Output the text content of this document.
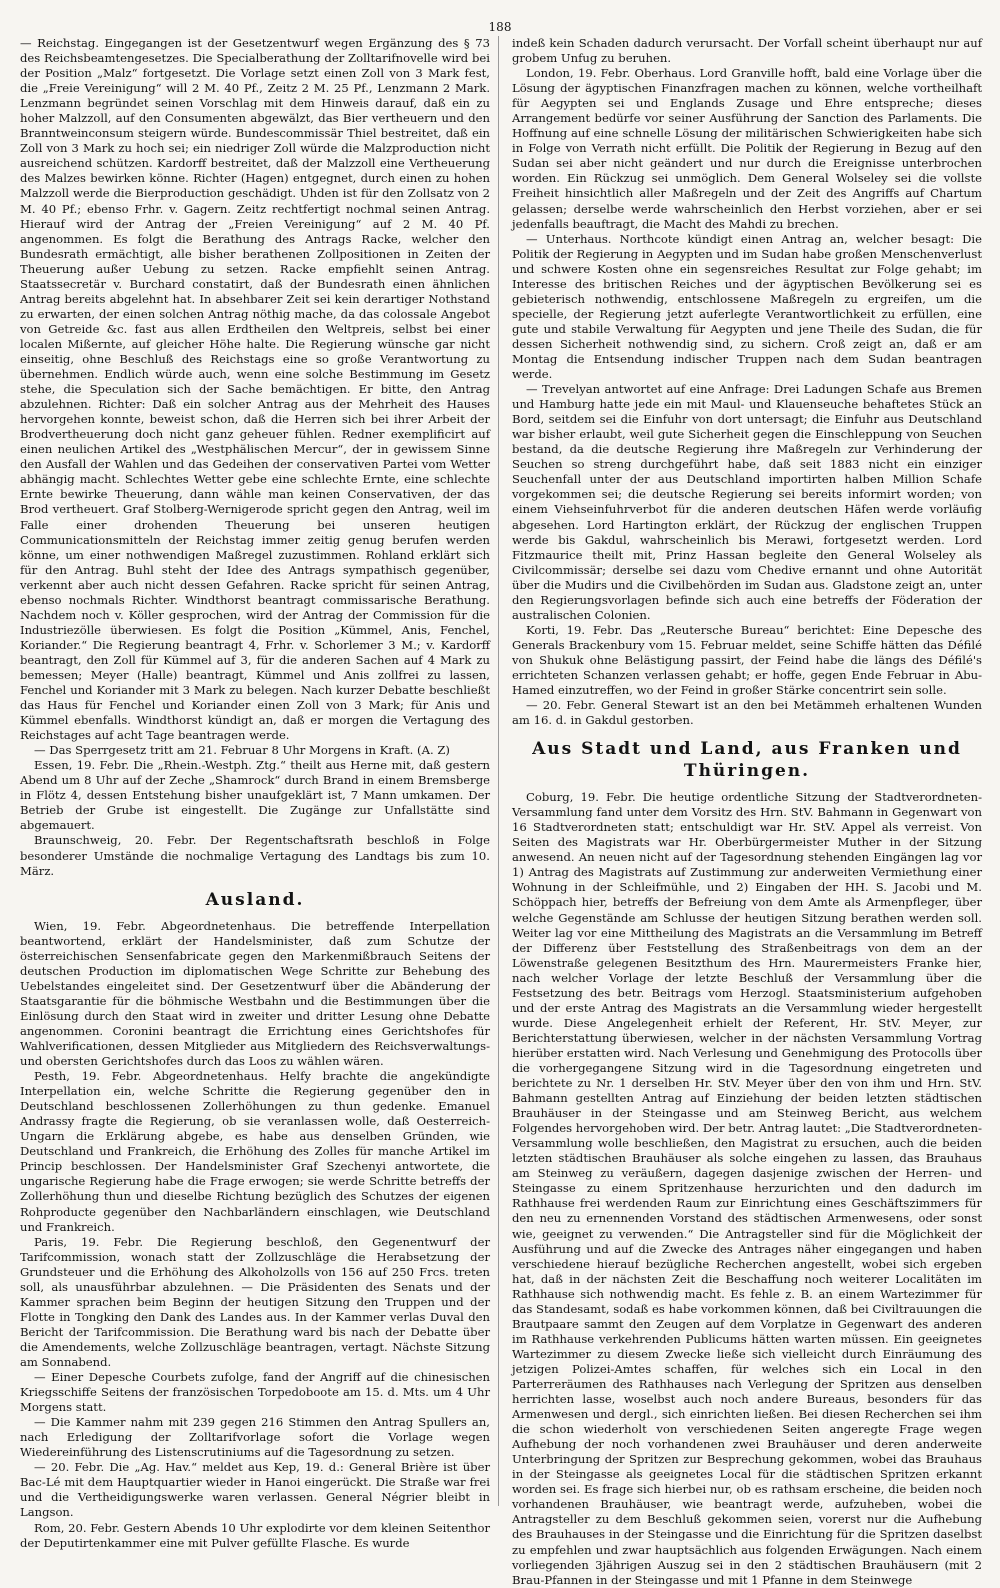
188

— Reichstag. Eingegangen ist der Gesetzentwurf wegen Ergänzung des § 73 des Reichsbeamtengesetzes. Die Specialberathung der Zolltarifnovelle wird bei der Position „Malz“ fortgesetzt. Die Vorlage setzt einen Zoll von 3 Mark fest, die „Freie Vereinigung“ will 2 M. 40 Pf., Zeitz 2 M. 25 Pf., Lenzmann 2 Mark. Lenzmann begründet seinen Vorschlag mit dem Hinweis darauf, daß ein zu hoher Malzzoll, auf den Consumenten abgewälzt, das Bier vertheuern und den Branntweinconsum steigern würde. Bundescommissär Thiel bestreitet, daß ein Zoll von 3 Mark zu hoch sei; ein niedriger Zoll würde die Malzproduction nicht ausreichend schützen. Kardorff bestreitet, daß der Malzzoll eine Vertheuerung des Malzes bewirken könne. Richter (Hagen) entgegnet, durch einen zu hohen Malzzoll werde die Bierproduction geschädigt. Uhden ist für den Zollsatz von 2 M. 40 Pf.; ebenso Frhr. v. Gagern. Zeitz rechtfertigt nochmal seinen Antrag. Hierauf wird der Antrag der „Freien Vereinigung“ auf 2 M. 40 Pf. angenommen. Es folgt die Berathung des Antrags Racke, welcher den Bundesrath ermächtigt, alle bisher berathenen Zollpositionen in Zeiten der Theuerung außer Uebung zu setzen. Racke empfiehlt seinen Antrag. Staatssecretär v. Burchard constatirt, daß der Bundesrath einen ähnlichen Antrag bereits abgelehnt hat. In absehbarer Zeit sei kein derartiger Nothstand zu erwarten, der einen solchen Antrag nöthig mache, da das colossale Angebot von Getreide &c. fast aus allen Erdtheilen den Weltpreis, selbst bei einer localen Mißernte, auf gleicher Höhe halte. Die Regierung wünsche gar nicht einseitig, ohne Beschluß des Reichstags eine so große Verantwortung zu übernehmen. Endlich würde auch, wenn eine solche Bestimmung im Gesetz stehe, die Speculation sich der Sache bemächtigen. Er bitte, den Antrag abzulehnen. Richter: Daß ein solcher Antrag aus der Mehrheit des Hauses hervorgehen konnte, beweist schon, daß die Herren sich bei ihrer Arbeit der Brodvertheuerung doch nicht ganz geheuer fühlen. Redner exemplificirt auf einen neulichen Artikel des „Westphälischen Mercur“, der in gewissem Sinne den Ausfall der Wahlen und das Gedeihen der conservativen Partei vom Wetter abhängig macht. Schlechtes Wetter gebe eine schlechte Ernte, eine schlechte Ernte bewirke Theuerung, dann wähle man keinen Conservativen, der das Brod vertheuert. Graf Stolberg-Wernigerode spricht gegen den Antrag, weil im Falle einer drohenden Theuerung bei unseren heutigen Communicationsmitteln der Reichstag immer zeitig genug berufen werden könne, um einer nothwendigen Maßregel zuzustimmen. Rohland erklärt sich für den Antrag. Buhl steht der Idee des Antrags sympathisch gegenüber, verkennt aber auch nicht dessen Gefahren. Racke spricht für seinen Antrag, ebenso nochmals Richter. Windthorst beantragt commissarische Berathung. Nachdem noch v. Köller gesprochen, wird der Antrag der Commission für die Industriezölle überwiesen. Es folgt die Position „Kümmel, Anis, Fenchel, Koriander.“ Die Regierung beantragt 4, Frhr. v. Schorlemer 3 M.; v. Kardorff beantragt, den Zoll für Kümmel auf 3, für die anderen Sachen auf 4 Mark zu bemessen; Meyer (Halle) beantragt, Kümmel und Anis zollfrei zu lassen, Fenchel und Koriander mit 3 Mark zu belegen. Nach kurzer Debatte beschließt das Haus für Fenchel und Koriander einen Zoll von 3 Mark; für Anis und Kümmel ebenfalls. Windthorst kündigt an, daß er morgen die Vertagung des Reichstages auf acht Tage beantragen werde.

— Das Sperrgesetz tritt am 21. Februar 8 Uhr Morgens in Kraft. (A. Z)

Essen, 19. Febr. Die „Rhein.-Westph. Ztg.“ theilt aus Herne mit, daß gestern Abend um 8 Uhr auf der Zeche „Shamrock“ durch Brand in einem Bremsberge in Flötz 4, dessen Entstehung bisher unaufgeklärt ist, 7 Mann umkamen. Der Betrieb der Grube ist eingestellt. Die Zugänge zur Unfallstätte sind abgemauert.

Braunschweig, 20. Febr. Der Regentschaftsrath beschloß in Folge besonderer Umstände die nochmalige Vertagung des Landtags bis zum 10. März.

Ausland.

Wien, 19. Febr. Abgeordnetenhaus. Die betreffende Interpellation beantwortend, erklärt der Handelsminister, daß zum Schutze der österreichischen Sensenfabricate gegen den Markenmißbrauch Seitens der deutschen Production im diplomatischen Wege Schritte zur Behebung des Uebelstandes eingeleitet sind. Der Gesetzentwurf über die Abänderung der Staatsgarantie für die böhmische Westbahn und die Bestimmungen über die Einlösung durch den Staat wird in zweiter und dritter Lesung ohne Debatte angenommen. Coronini beantragt die Errichtung eines Gerichtshofes für Wahlverificationen, dessen Mitglieder aus Mitgliedern des Reichsverwaltungs- und obersten Gerichtshofes durch das Loos zu wählen wären.

Pesth, 19. Febr. Abgeordnetenhaus. Helfy brachte die angekündigte Interpellation ein, welche Schritte die Regierung gegenüber den in Deutschland beschlossenen Zollerhöhungen zu thun gedenke. Emanuel Andrassy fragte die Regierung, ob sie veranlassen wolle, daß Oesterreich-Ungarn die Erklärung abgebe, es habe aus denselben Gründen, wie Deutschland und Frankreich, die Erhöhung des Zolles für manche Artikel im Princip beschlossen. Der Handelsminister Graf Szechenyi antwortete, die ungarische Regierung habe die Frage erwogen; sie werde Schritte betreffs der Zollerhöhung thun und dieselbe Richtung bezüglich des Schutzes der eigenen Rohproducte gegenüber den Nachbarländern einschlagen, wie Deutschland und Frankreich.

Paris, 19. Febr. Die Regierung beschloß, den Gegenentwurf der Tarifcommission, wonach statt der Zollzuschläge die Herabsetzung der Grundsteuer und die Erhöhung des Alkoholzolls von 156 auf 250 Frcs. treten soll, als unausführbar abzulehnen. — Die Präsidenten des Senats und der Kammer sprachen beim Beginn der heutigen Sitzung den Truppen und der Flotte in Tongking den Dank des Landes aus. In der Kammer verlas Duval den Bericht der Tarifcommission. Die Berathung ward bis nach der Debatte über die Amendements, welche Zollzuschläge beantragen, vertagt. Nächste Sitzung am Sonnabend.

— Einer Depesche Courbets zufolge, fand der Angriff auf die chinesischen Kriegsschiffe Seitens der französischen Torpedoboote am 15. d. Mts. um 4 Uhr Morgens statt.

— Die Kammer nahm mit 239 gegen 216 Stimmen den Antrag Spullers an, nach Erledigung der Zolltarifvorlage sofort die Vorlage wegen Wiedereinführung des Listenscrutiniums auf die Tagesordnung zu setzen.

— 20. Febr. Die „Ag. Hav.“ meldet aus Kep, 19. d.: General Brière ist über Bac-Lé mit dem Hauptquartier wieder in Hanoi eingerückt. Die Straße war frei und die Vertheidigungswerke waren verlassen. General Négrier bleibt in Langson.

Rom, 20. Febr. Gestern Abends 10 Uhr explodirte vor dem kleinen Seitenthor der Deputirtenkammer eine mit Pulver gefüllte Flasche. Es wurde

indeß kein Schaden dadurch verursacht. Der Vorfall scheint überhaupt nur auf grobem Unfug zu beruhen.

London, 19. Febr. Oberhaus. Lord Granville hofft, bald eine Vorlage über die Lösung der ägyptischen Finanzfragen machen zu können, welche vortheilhaft für Aegypten sei und Englands Zusage und Ehre entspreche; dieses Arrangement bedürfe vor seiner Ausführung der Sanction des Parlaments. Die Hoffnung auf eine schnelle Lösung der militärischen Schwierigkeiten habe sich in Folge von Verrath nicht erfüllt. Die Politik der Regierung in Bezug auf den Sudan sei aber nicht geändert und nur durch die Ereignisse unterbrochen worden. Ein Rückzug sei unmöglich. Dem General Wolseley sei die vollste Freiheit hinsichtlich aller Maßregeln und der Zeit des Angriffs auf Chartum gelassen; derselbe werde wahrscheinlich den Herbst vorziehen, aber er sei jedenfalls beauftragt, die Macht des Mahdi zu brechen.

— Unterhaus. Northcote kündigt einen Antrag an, welcher besagt: Die Politik der Regierung in Aegypten und im Sudan habe großen Menschenverlust und schwere Kosten ohne ein segensreiches Resultat zur Folge gehabt; im Interesse des britischen Reiches und der ägyptischen Bevölkerung sei es gebieterisch nothwendig, entschlossene Maßregeln zu ergreifen, um die specielle, der Regierung jetzt auferlegte Verantwortlichkeit zu erfüllen, eine gute und stabile Verwaltung für Aegypten und jene Theile des Sudan, die für dessen Sicherheit nothwendig sind, zu sichern. Croß zeigt an, daß er am Montag die Entsendung indischer Truppen nach dem Sudan beantragen werde.

— Trevelyan antwortet auf eine Anfrage: Drei Ladungen Schafe aus Bremen und Hamburg hatte jede ein mit Maul- und Klauenseuche behaftetes Stück an Bord, seitdem sei die Einfuhr von dort untersagt; die Einfuhr aus Deutschland war bisher erlaubt, weil gute Sicherheit gegen die Einschleppung von Seuchen bestand, da die deutsche Regierung ihre Maßregeln zur Verhinderung der Seuchen so streng durchgeführt habe, daß seit 1883 nicht ein einziger Seuchenfall unter der aus Deutschland importirten halben Million Schafe vorgekommen sei; die deutsche Regierung sei bereits informirt worden; von einem Viehseinfuhrverbot für die anderen deutschen Häfen werde vorläufig abgesehen. Lord Hartington erklärt, der Rückzug der englischen Truppen werde bis Gakdul, wahrscheinlich bis Merawi, fortgesetzt werden. Lord Fitzmaurice theilt mit, Prinz Hassan begleite den General Wolseley als Civilcommissär; derselbe sei dazu vom Chedive ernannt und ohne Autorität über die Mudirs und die Civilbehörden im Sudan aus. Gladstone zeigt an, unter den Regierungsvorlagen befinde sich auch eine betreffs der Föderation der australischen Colonien.

Korti, 19. Febr. Das „Reutersche Bureau“ berichtet: Eine Depesche des Generals Brackenbury vom 15. Februar meldet, seine Schiffe hätten das Défilé von Shukuk ohne Belästigung passirt, der Feind habe die längs des Défilé's errichteten Schanzen verlassen gehabt; er hoffe, gegen Ende Februar in Abu-Hamed einzutreffen, wo der Feind in großer Stärke concentrirt sein solle.

— 20. Febr. General Stewart ist an den bei Metämmeh erhaltenen Wunden am 16. d. in Gakdul gestorben.

Aus Stadt und Land, aus Franken und Thüringen.

Coburg, 19. Febr. Die heutige ordentliche Sitzung der Stadtverordneten-Versammlung fand unter dem Vorsitz des Hrn. StV. Bahmann in Gegenwart von 16 Stadtverordneten statt; entschuldigt war Hr. StV. Appel als verreist. Von Seiten des Magistrats war Hr. Oberbürgermeister Muther in der Sitzung anwesend. An neuen nicht auf der Tagesordnung stehenden Eingängen lag vor 1) Antrag des Magistrats auf Zustimmung zur anderweiten Vermiethung einer Wohnung in der Schleifmühle, und 2) Eingaben der HH. S. Jacobi und M. Schöppach hier, betreffs der Befreiung von dem Amte als Armenpfleger, über welche Gegenstände am Schlusse der heutigen Sitzung berathen werden soll. Weiter lag vor eine Mittheilung des Magistrats an die Versammlung im Betreff der Differenz über Feststellung des Straßenbeitrags von dem an der Löwenstraße gelegenen Besitzthum des Hrn. Maurermeisters Franke hier, nach welcher Vorlage der letzte Beschluß der Versammlung über die Festsetzung des betr. Beitrags vom Herzogl. Staatsministerium aufgehoben und der erste Antrag des Magistrats an die Versammlung wieder hergestellt wurde. Diese Angelegenheit erhielt der Referent, Hr. StV. Meyer, zur Berichterstattung überwiesen, welcher in der nächsten Versammlung Vortrag hierüber erstatten wird. Nach Verlesung und Genehmigung des Protocolls über die vorhergegangene Sitzung wird in die Tagesordnung eingetreten und berichtete zu Nr. 1 derselben Hr. StV. Meyer über den von ihm und Hrn. StV. Bahmann gestellten Antrag auf Einziehung der beiden letzten städtischen Brauhäuser in der Steingasse und am Steinweg Bericht, aus welchem Folgendes hervorgehoben wird. Der betr. Antrag lautet: „Die Stadtverordneten-Versammlung wolle beschließen, den Magistrat zu ersuchen, auch die beiden letzten städtischen Brauhäuser als solche eingehen zu lassen, das Brauhaus am Steinweg zu veräußern, dagegen dasjenige zwischen der Herren- und Steingasse zu einem Spritzenhause herzurichten und den dadurch im Rathhause frei werdenden Raum zur Einrichtung eines Geschäftszimmers für den neu zu ernennenden Vorstand des städtischen Armenwesens, oder sonst wie, geeignet zu verwenden.“ Die Antragsteller sind für die Möglichkeit der Ausführung und auf die Zwecke des Antrages näher eingegangen und haben verschiedene hierauf bezügliche Recherchen angestellt, wobei sich ergeben hat, daß in der nächsten Zeit die Beschaffung noch weiterer Localitäten im Rathhause sich nothwendig macht. Es fehle z. B. an einem Wartezimmer für das Standesamt, sodaß es habe vorkommen können, daß bei Civiltrauungen die Brautpaare sammt den Zeugen auf dem Vorplatze in Gegenwart des anderen im Rathhause verkehrenden Publicums hätten warten müssen. Ein geeignetes Wartezimmer zu diesem Zwecke ließe sich vielleicht durch Einräumung des jetzigen Polizei-Amtes schaffen, für welches sich ein Local in den Parterreräumen des Rathhauses nach Verlegung der Spritzen aus denselben herrichten lasse, woselbst auch noch andere Bureaus, besonders für das Armenwesen und dergl., sich einrichten ließen. Bei diesen Recherchen sei ihm die schon wiederholt von verschiedenen Seiten angeregte Frage wegen Aufhebung der noch vorhandenen zwei Brauhäuser und deren anderweite Unterbringung der Spritzen zur Besprechung gekommen, wobei das Brauhaus in der Steingasse als geeignetes Local für die städtischen Spritzen erkannt worden sei. Es frage sich hierbei nur, ob es rathsam erscheine, die beiden noch vorhandenen Brauhäuser, wie beantragt werde, aufzuheben, wobei die Antragsteller zu dem Beschluß gekommen seien, vorerst nur die Aufhebung des Brauhauses in der Steingasse und die Einrichtung für die Spritzen daselbst zu empfehlen und zwar hauptsächlich aus folgenden Erwägungen. Nach einem vorliegenden 3jährigen Auszug sei in den 2 städtischen Brauhäusern (mit 2 Brau-Pfannen in der Steingasse und mit 1 Pfanne in dem Steinwege
